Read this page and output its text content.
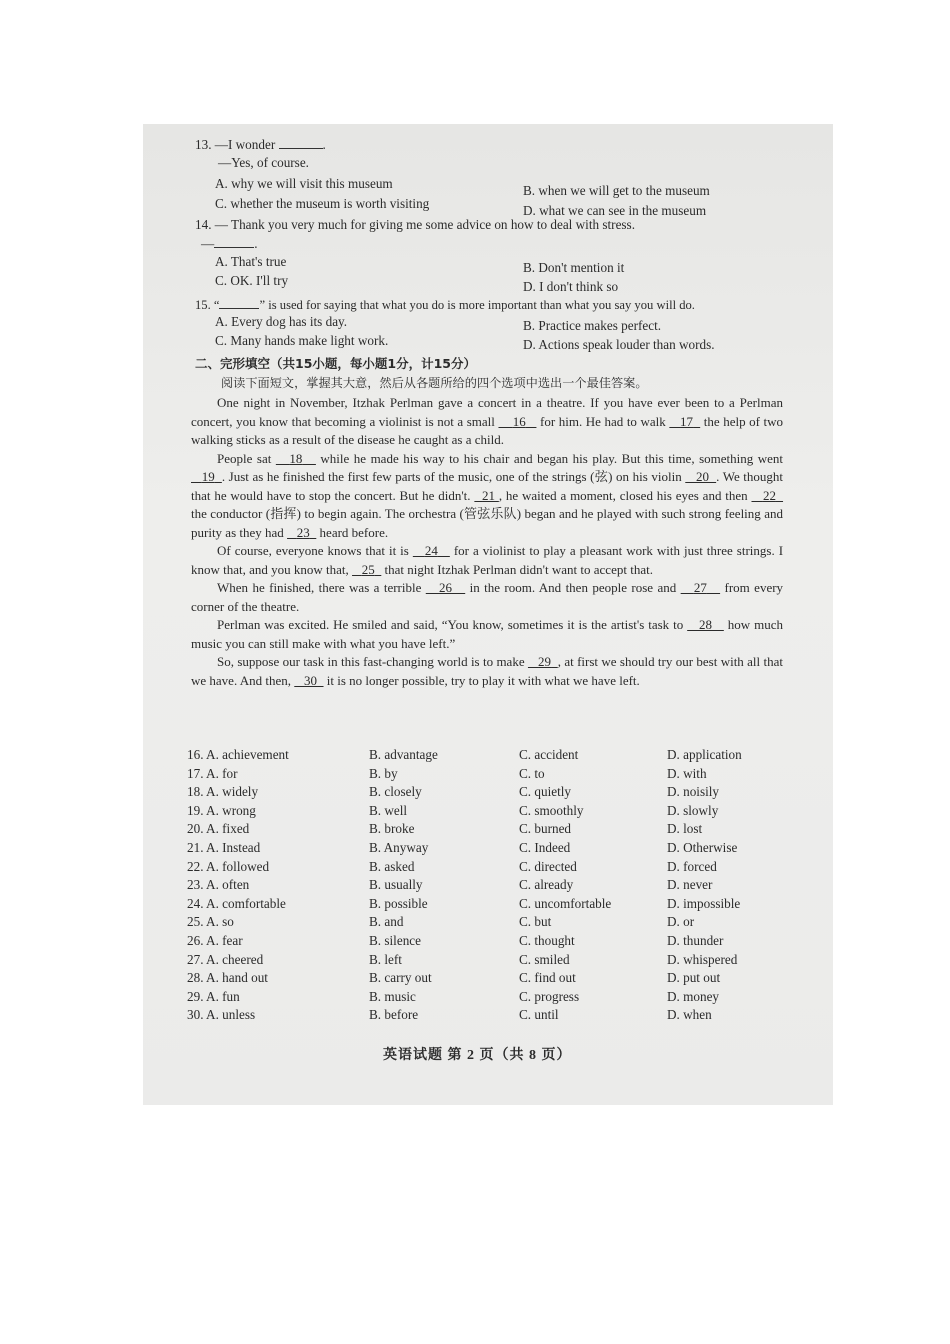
13. —I wonder	.
—Yes, of course.
A. why we will visit this museum	B. when we will get to the museum
C. whether the museum is worth visiting	D. what we can see in the museum
14. — Thank you very much for giving me some advice on how to deal with stress.
—	.
A. That's true	B. Don't mention it
C. OK. I'll try	D. I don't think so
15. “	” is used for saying that what you do is more important than what you say you will do.
A. Every dog has its day.	B. Practice makes perfect.
C. Many hands make light work.	D. Actions speak louder than words.
二、完形填空（共15小题，每小题1分，计15分）
阅读下面短文，掌握其大意，然后从各题所给的四个选项中选出一个最佳答案。

One night in November, Itzhak Perlman gave a concert in a theatre. If you have ever been to a Perlman concert, you know that becoming a violinist is not a small     16    for him. He had to walk    17   the help of two walking sticks as a result of the disease he caught as a child.

People sat    18    while he made his way to his chair and began his play. But this time, something went    19 . Just as he finished the first few parts of the music, one of the strings (弦) on his violin    20 . We thought that he would have to stop the concert. But he didn't.   21 , he waited a moment, closed his eyes and then    22   the conductor (指挥) to begin again. The orchestra (管弦乐队) began and he played with such strong feeling and purity as they had    23   heard before.

Of course, everyone knows that it is    24    for a violinist to play a pleasant work with just three strings. I know that, and you know that,    25   that night Itzhak Perlman didn't want to accept that.

When he finished, there was a terrible    26    in the room. And then people rose and    27    from every corner of the theatre.

Perlman was excited. He smiled and said, “You know, sometimes it is the artist's task to    28    how much music you can still make with what you have left.”

So, suppose our task in this fast-changing world is to make    29 , at first we should try our best with all that we have. And then,    30   it is no longer possible, try to play it with what we have left.

16. A. achievement	B. advantage	C. accident	D. application
17. A. for	B. by	C. to	D. with
18. A. widely	B. closely	C. quietly	D. noisily
19. A. wrong	B. well	C. smoothly	D. slowly
20. A. fixed	B. broke	C. burned	D. lost
21. A. Instead	B. Anyway	C. Indeed	D. Otherwise
22. A. followed	B. asked	C. directed	D. forced
23. A. often	B. usually	C. already	D. never
24. A. comfortable	B. possible	C. uncomfortable	D. impossible
25. A. so	B. and	C. but	D. or
26. A. fear	B. silence	C. thought	D. thunder
27. A. cheered	B. left	C. smiled	D. whispered
28. A. hand out	B. carry out	C. find out	D. put out
29. A. fun	B. music	C. progress	D. money
30. A. unless	B. before	C. until	D. when
英语试题 第 2 页（共 8 页）
